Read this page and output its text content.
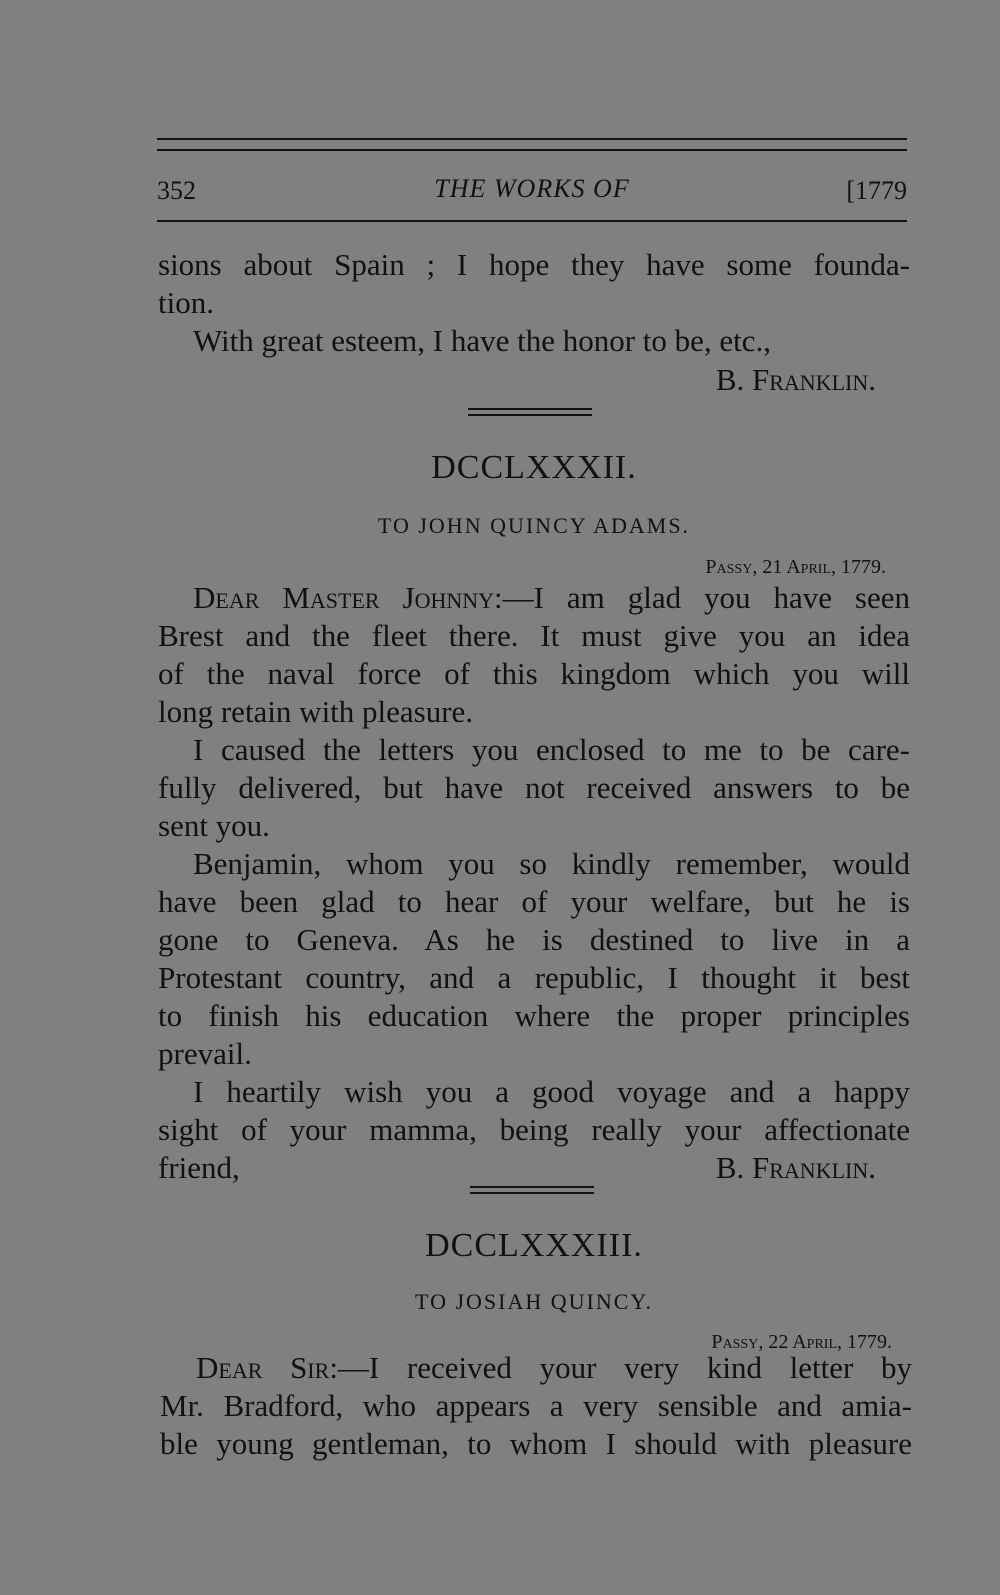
352	THE WORKS OF	[1779
sions about Spain ; I hope they have some founda-
tion.
With great esteem, I have the honor to be, etc.,
B. Franklin.
DCCLXXXII.
TO JOHN QUINCY ADAMS.
Passy, 21 April, 1779.
Dear Master Johnny:—I am glad you have seen
Brest and the fleet there. It must give you an idea
of the naval force of this kingdom which you will
long retain with pleasure.
I caused the letters you enclosed to me to be care-
fully delivered, but have not received answers to be
sent you.
Benjamin, whom you so kindly remember, would
have been glad to hear of your welfare, but he is
gone to Geneva. As he is destined to live in a
Protestant country, and a republic, I thought it best
to finish his education where the proper principles
prevail.
I heartily wish you a good voyage and a happy
sight of your mamma, being really your affectionate
friend,	B. Franklin.
DCCLXXXIII.
TO JOSIAH QUINCY.
Passy, 22 April, 1779.
Dear Sir:—I received your very kind letter by
Mr. Bradford, who appears a very sensible and amia-
ble young gentleman, to whom I should with pleasure
